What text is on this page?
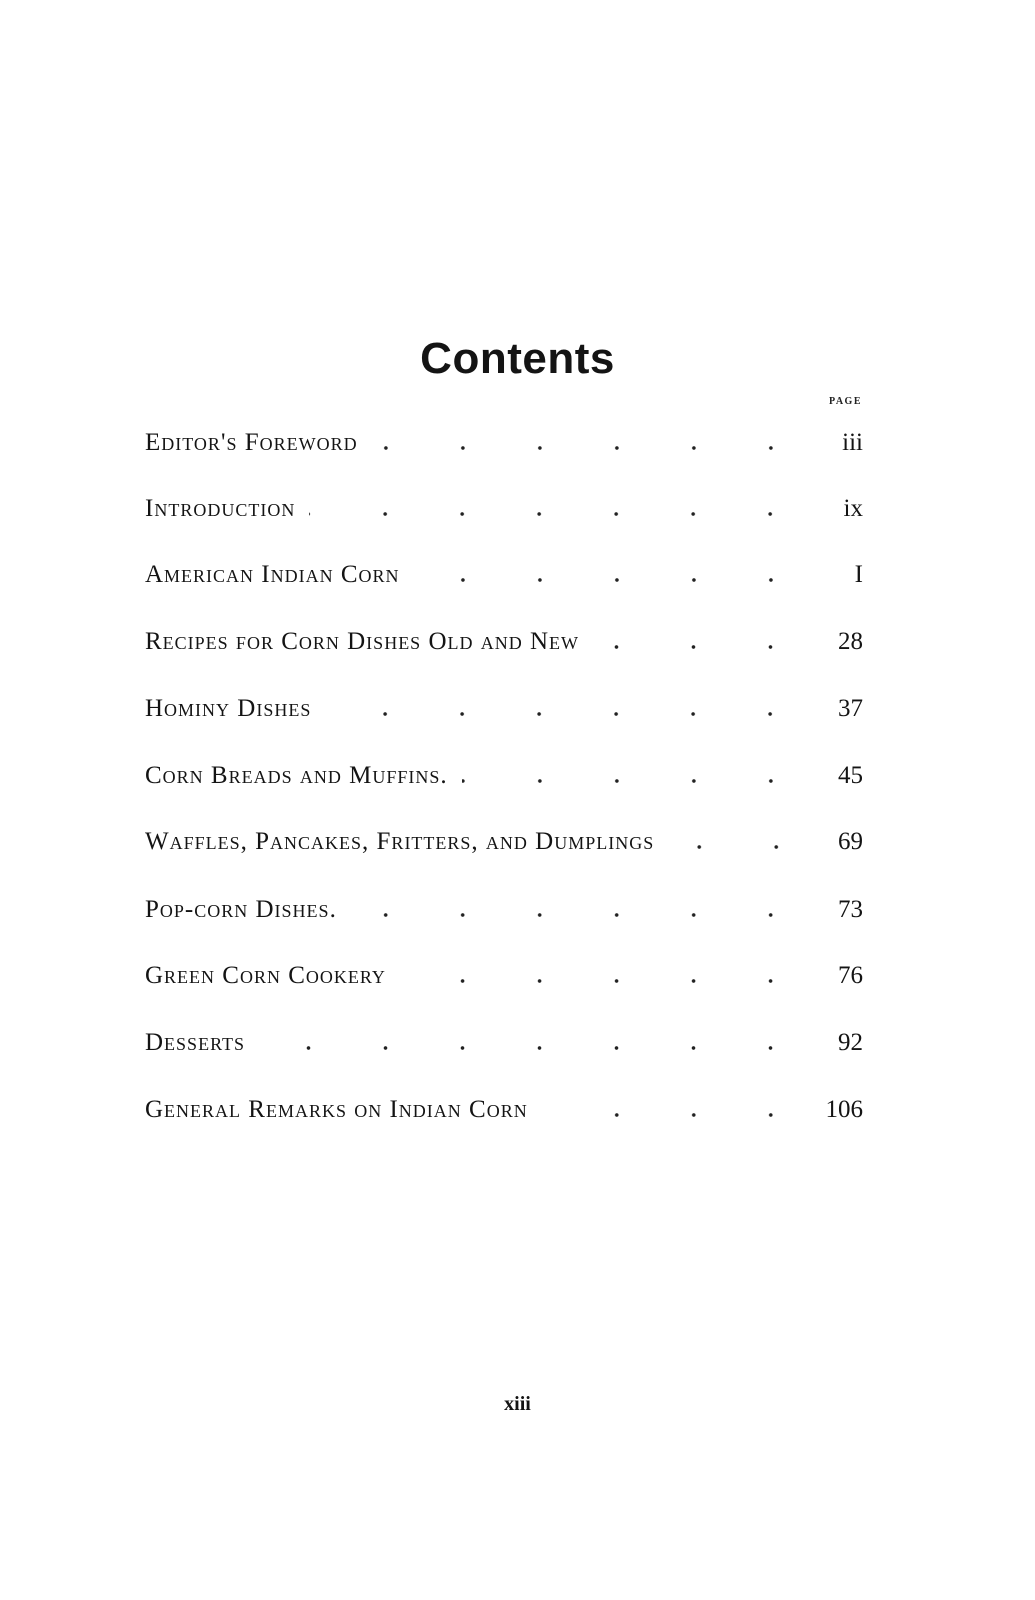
Contents
PAGE
Editor's Foreword	iii
Introduction	ix
American Indian Corn	I
Recipes for Corn Dishes Old and New	28
Hominy Dishes	37
Corn Breads and Muffins.	45
Waffles, Pancakes, Fritters, and Dumplings	69
Pop-corn Dishes.	73
Green Corn Cookery	76
Desserts	92
General Remarks on Indian Corn	106
xiii
